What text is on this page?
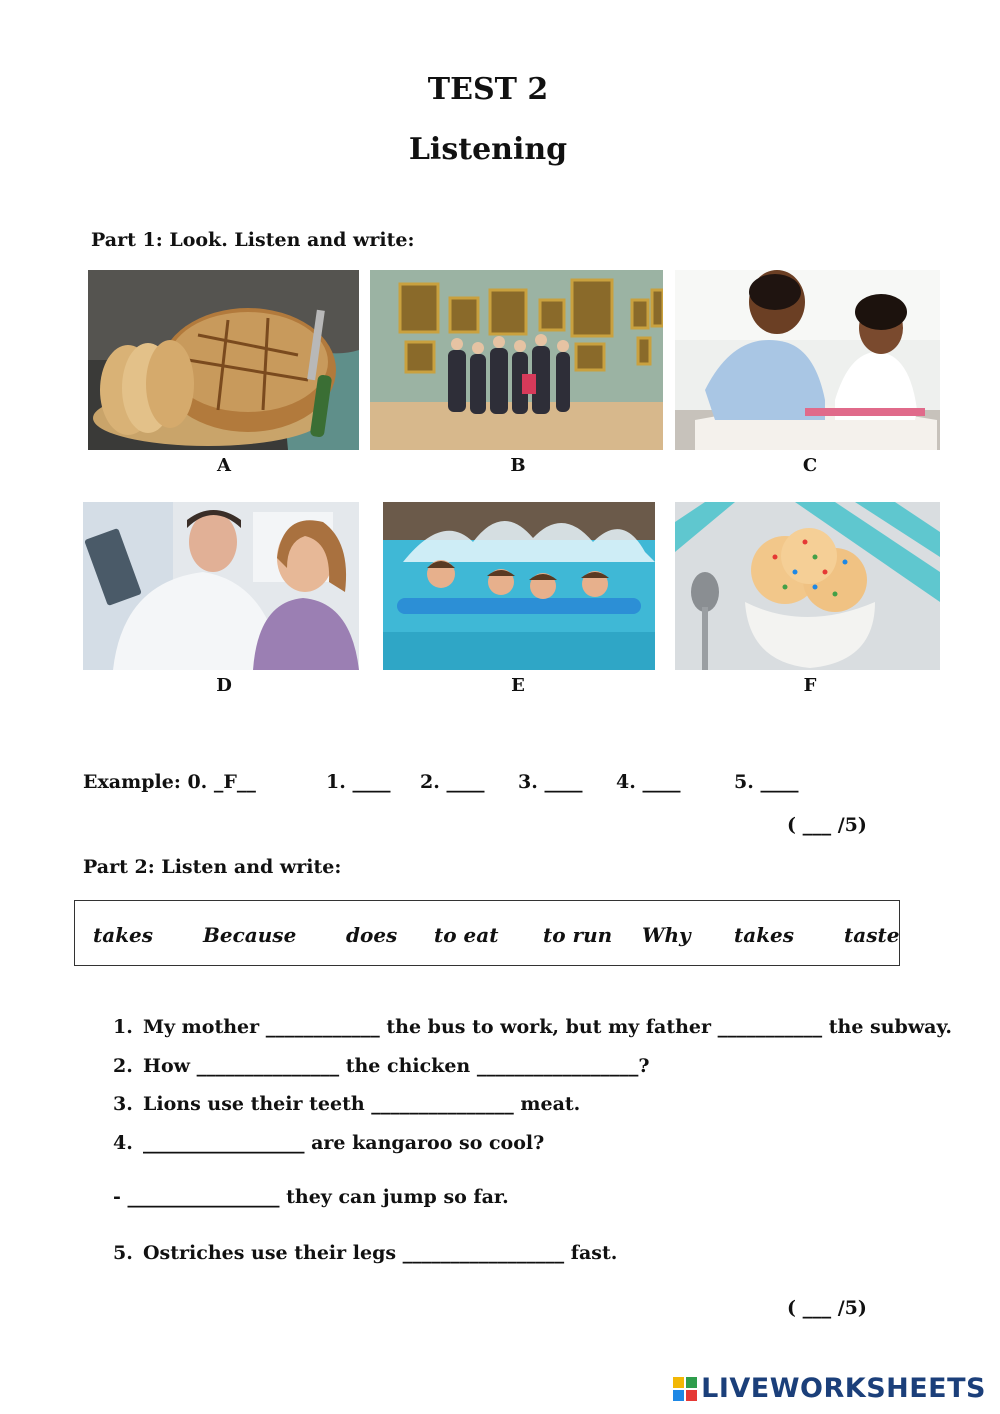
TEST 2
Listening
Part 1: Look. Listen and write:
A	B	C
D	E	F
Example: 0. _F__	1. ____ 2. ____ 3. ____ 4. ____	5. ____
( ___ /5)
Part 2: Listen and write:
takes Because does to eat to run Why takes taste
1. My mother ____________ the bus to work, but my father ___________ the subway.
2. How _______________ the chicken _________________?
3. Lions use their teeth _______________ meat.
4. _________________ are kangaroo so cool?
- ________________ they can jump so far.
5. Ostriches use their legs _________________ fast.
( ___ /5)
LIVEWORKSHEETS
